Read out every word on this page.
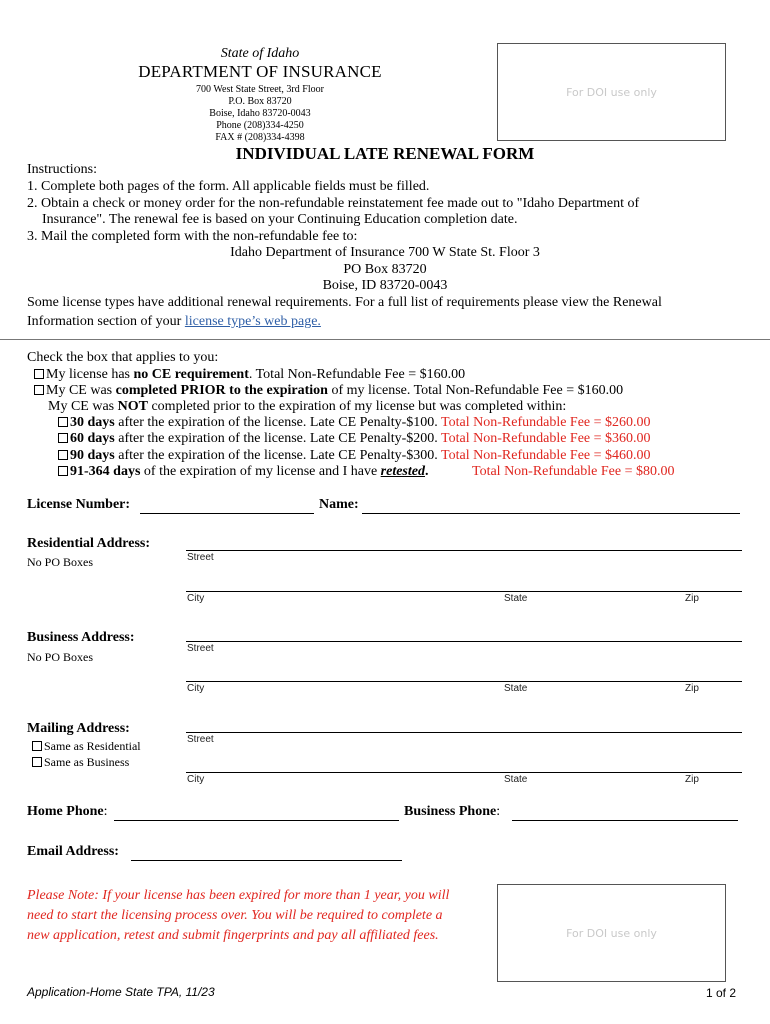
State of Idaho
DEPARTMENT OF INSURANCE
700 West State Street, 3rd Floor
P.O. Box 83720
Boise, Idaho 83720-0043
Phone (208)334-4250
FAX # (208)334-4398
For DOI use only
INDIVIDUAL LATE RENEWAL FORM
Instructions:
1. Complete both pages of the form. All applicable fields must be filled.
2. Obtain a check or money order for the non-refundable reinstatement fee made out to "Idaho Department of
Insurance". The renewal fee is based on your Continuing Education completion date.
3. Mail the completed form with the non-refundable fee to:
Idaho Department of Insurance 700 W State St. Floor 3
PO Box 83720
Boise, ID 83720-0043
Some license types have additional renewal requirements. For a full list of requirements please view the Renewal
Information section of your license type’s web page.
Check the box that applies to you:
My license has no CE requirement. Total Non-Refundable Fee = $160.00
My CE was completed PRIOR to the expiration of my license. Total Non-Refundable Fee = $160.00
My CE was NOT completed prior to the expiration of my license but was completed within:
30 days after the expiration of the license. Late CE Penalty-$100. Total Non-Refundable Fee = $260.00
60 days after the expiration of the license. Late CE Penalty-$200. Total Non-Refundable Fee = $360.00
90 days after the expiration of the license. Late CE Penalty-$300. Total Non-Refundable Fee = $460.00
91-364 days of the expiration of my license and I have retested.	Total Non-Refundable Fee = $80.00
License Number:	Name:
Residential Address:
No PO Boxes	Street
City	State	Zip
Business Address:
No PO Boxes
Street
City	State	Zip
Mailing Address:
Same as Residential
Same as Business
Street
City	State	Zip
Home Phone:	Business Phone:
Email Address:
Please Note: If your license has been expired for more than 1 year, you will
need to start the licensing process over. You will be required to complete a
new application, retest and submit fingerprints and pay all affiliated fees.	For DOI use only
Application-Home State TPA, 11/23	1 of 2
